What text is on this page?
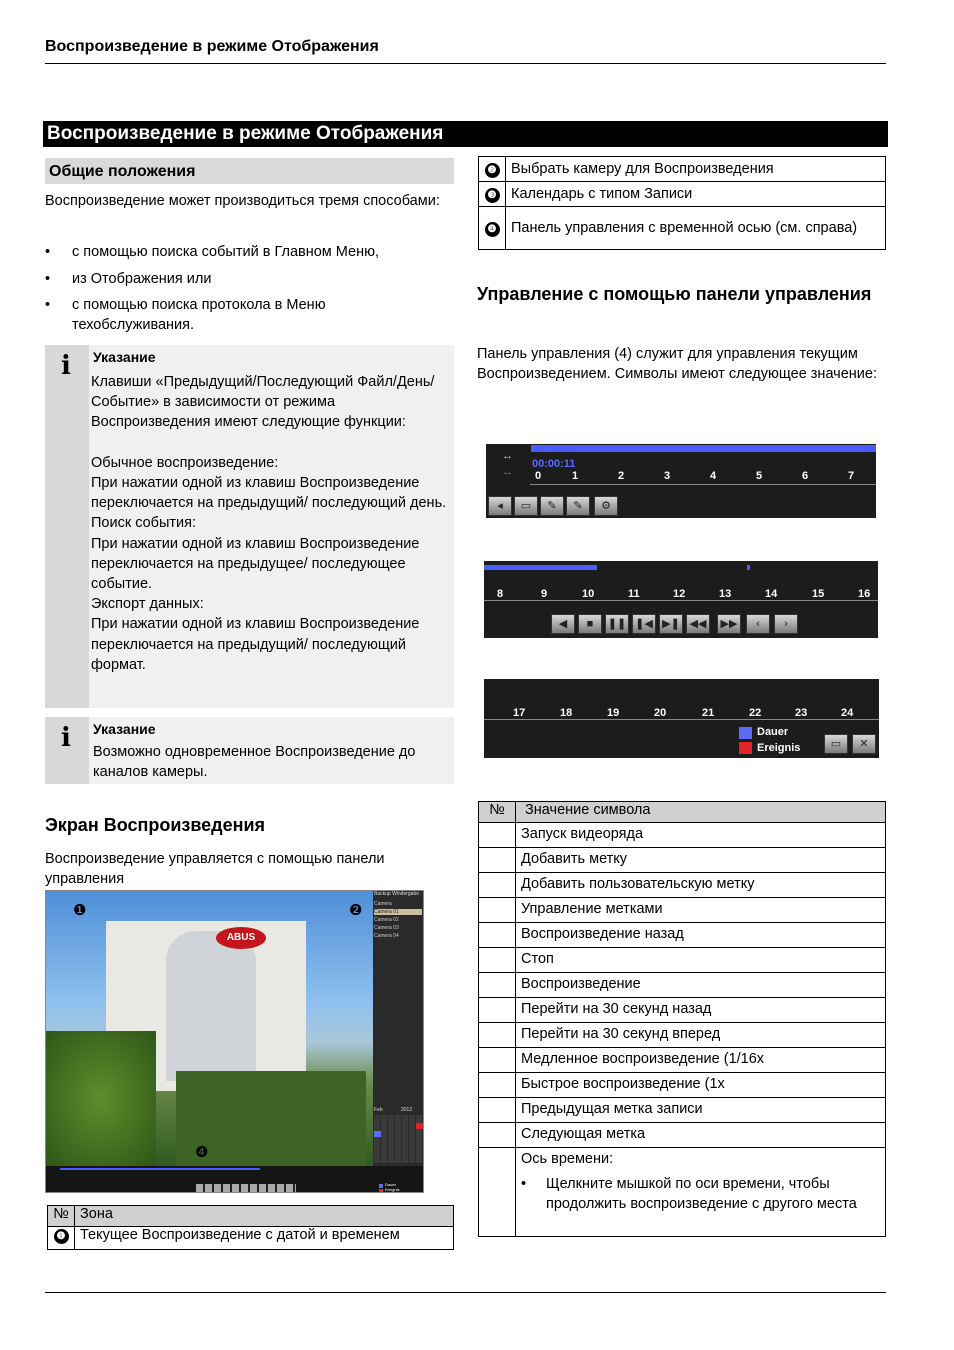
Воспроизведение в режиме Отображения
Воспроизведение в режиме Отображения
Общие положения
Воспроизведение может производиться тремя способами:
• с помощью поиска событий в Главном Меню,
• из Отображения или
• с помощью поиска протокола в Меню техобслуживания.
i Указание
Клавиши «Предыдущий/Последующий Файл/День/Событие» в зависимости от режима Воспроизведения имеют следующие функции:

Обычное воспроизведение:
При нажатии одной из клавиш Воспроизведение переключается на предыдущий/ последующий день.
Поиск события:
При нажатии одной из клавиш Воспроизведение переключается на предыдущее/ последующее событие.
Экспорт данных:
При нажатии одной из клавиш Воспроизведение переключается на предыдущий/ последующий формат.
i Указание
Возможно одновременное Воспроизведение до каналов камеры.
Экран Воспроизведения
Воспроизведение управляется с помощью панели управления
ABUS
❶	❷
❹
Backup Windergabe
Camera
Camera 01
Camera 02
Camera 03
Camera 04
Feb	2012
Dauer
Ereignis
№	Зона
❶	Текущее Воспроизведение с датой и временем
❷	Выбрать камеру для Воспроизведения
❸	Календарь с типом Записи
❹	Панель управления с временной осью (см. справа)
Управление с помощью панели управления
Панель управления (4) служит для управления текущим Воспроизведением. Символы имеют следующее значение:
↔
↔
00:00:11
0	1	2	3	4	5	6	7
◂	▭	✎	✎	⚙
8	9	10	11	12	13	14	15	16
◀	■	❚❚ ❚◀ ▶❚ ◀◀	▶▶	‹	›
17	18	19	20	21	22	23	24
Dauer
Ereignis	▭	✕
№	Значение символа
	Запуск видеоряда
	Добавить метку
	Добавить пользовательскую метку
	Управление метками
	Воспроизведение назад
	Стоп
	Воспроизведение
	Перейти на 30 секунд назад
	Перейти на 30 секунд вперед
	Медленное воспроизведение (1/16x
	Быстрое воспроизведение (1x
	Предыдущая метка записи
	Следующая метка

	Ось времени:
• Щелкните мышкой по оси времени, чтобы продолжить воспроизведение с другого места
